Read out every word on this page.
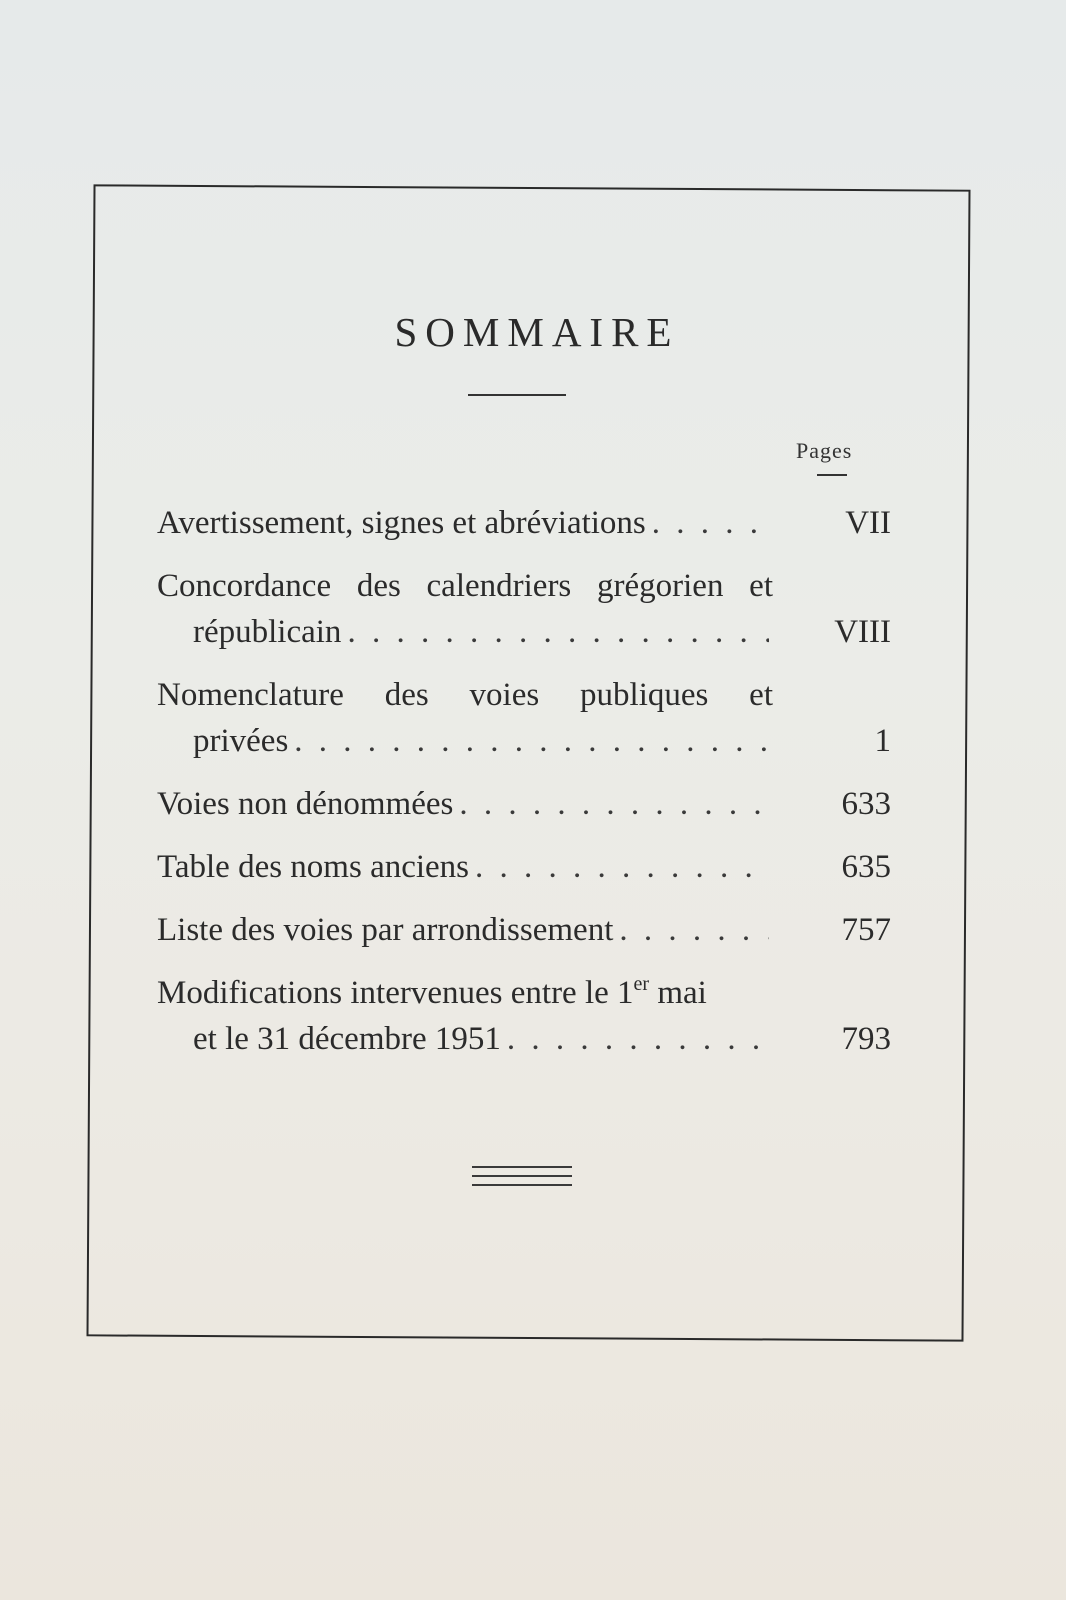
SOMMAIRE
Pages
Avertissement, signes et abréviations . . .	VII
Concordance des calendriers grégorien et
républicain . . .	VIII
Nomenclature des voies publiques et
privées . . .	1
Voies non dénommées . . .	633
Table des noms anciens . . .	635
Liste des voies par arrondissement . . .	757
Modifications intervenues entre le 1er mai
et le 31 décembre 1951 . . .	793
